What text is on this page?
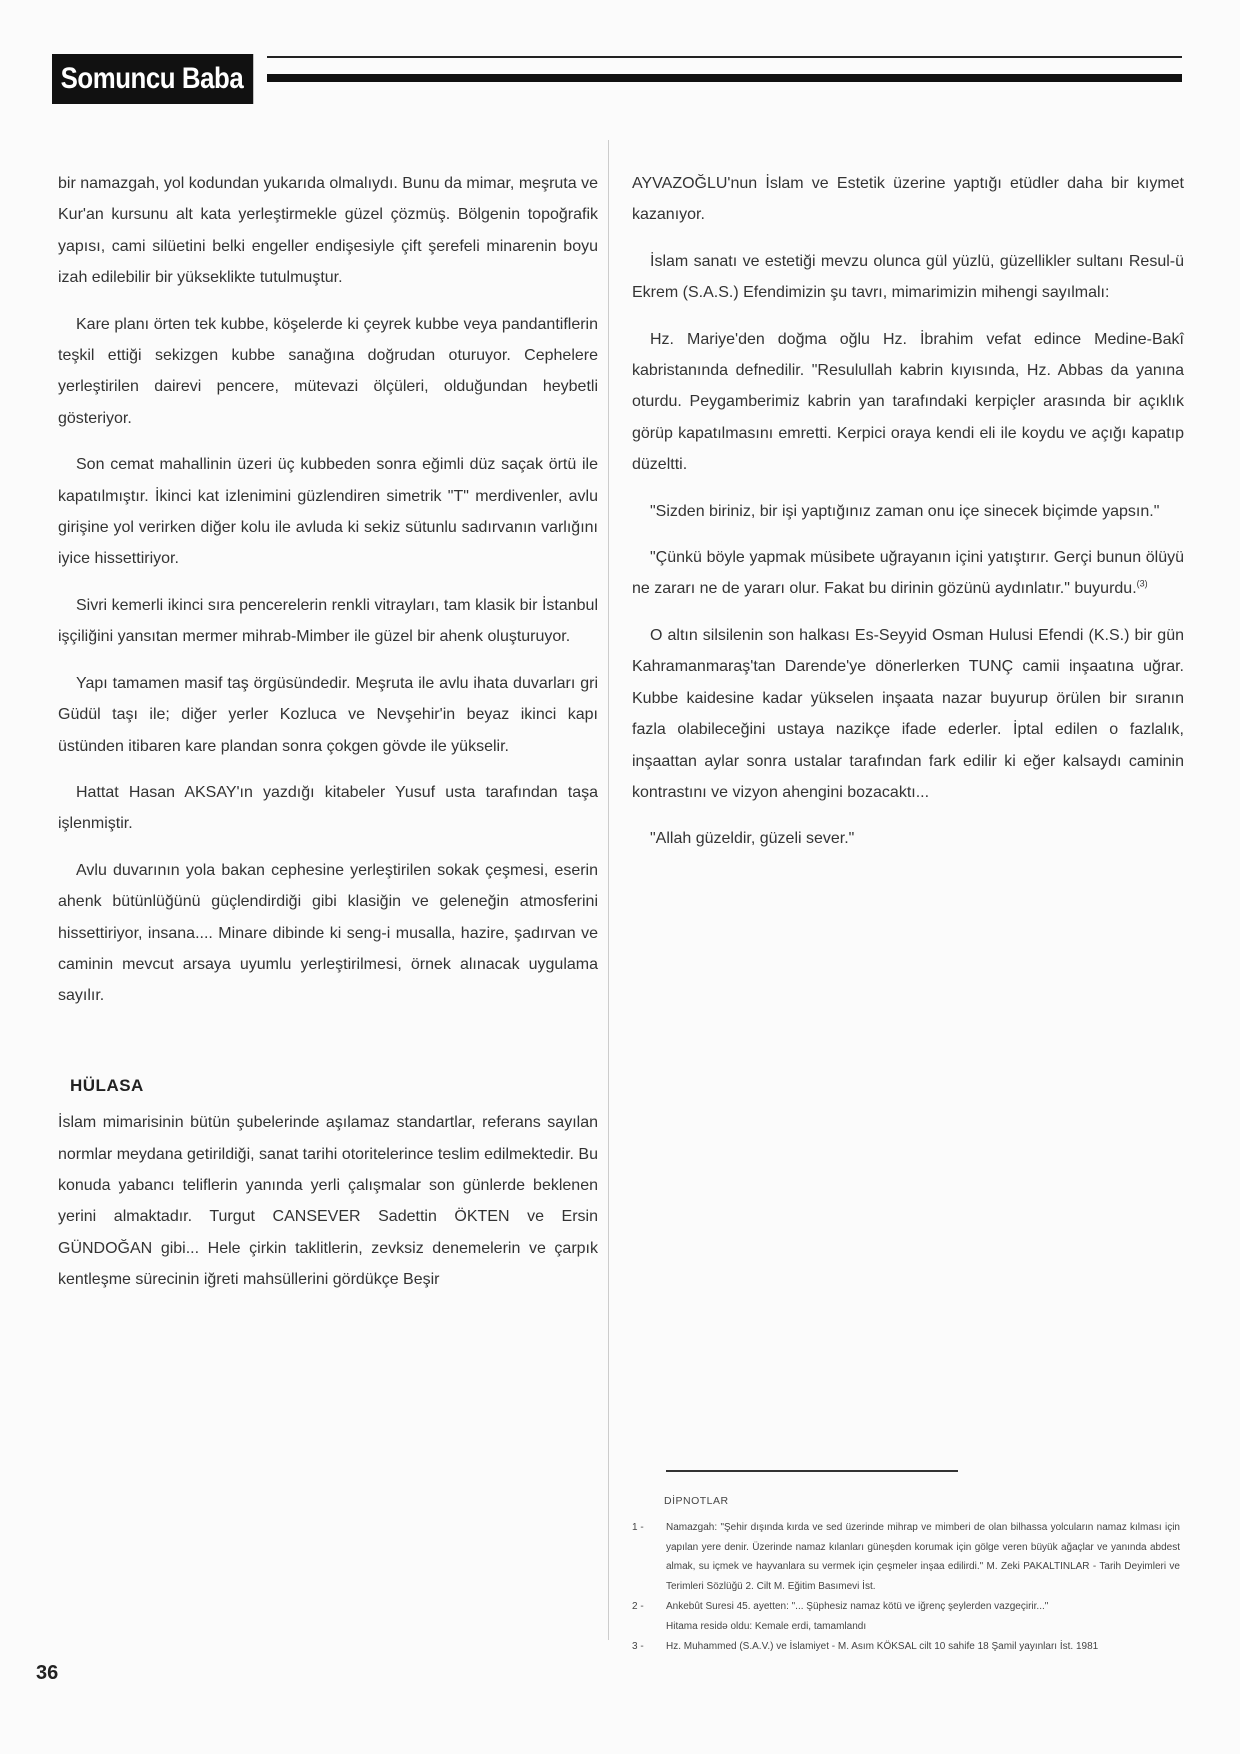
Somuncu Baba

bir namazgah, yol kodundan yukarıda olmalıydı. Bunu da mimar, meşruta ve Kur'an kursunu alt kata yerleştirmekle güzel çözmüş. Bölgenin topoğrafik yapısı, cami silüetini belki engeller endişesiyle çift şerefeli minarenin boyu izah edilebilir bir yükseklikte tutulmuştur.

Kare planı örten tek kubbe, köşelerde ki çeyrek kubbe veya pandantiflerin teşkil ettiği sekizgen kubbe sanağına doğrudan oturuyor. Cephelere yerleştirilen dairevi pencere, mütevazi ölçüleri, olduğundan heybetli gösteriyor.

Son cemat mahallinin üzeri üç kubbeden sonra eğimli düz saçak örtü ile kapatılmıştır. İkinci kat izlenimini güzlendiren simetrik "T" merdivenler, avlu girişine yol verirken diğer kolu ile avluda ki sekiz sütunlu sadırvanın varlığını iyice hissettiriyor.

Sivri kemerli ikinci sıra pencerelerin renkli vitrayları, tam klasik bir İstanbul işçiliğini yansıtan mermer mihrab-Mimber ile güzel bir ahenk oluşturuyor.

Yapı tamamen masif taş örgüsündedir. Meşruta ile avlu ihata duvarları gri Güdül taşı ile; diğer yerler Kozluca ve Nevşehir'in beyaz ikinci kapı üstünden itibaren kare plandan sonra çokgen gövde ile yükselir.

Hattat Hasan AKSAY'ın yazdığı kitabeler Yusuf usta tarafından taşa işlenmiştir.

Avlu duvarının yola bakan cephesine yerleştirilen sokak çeşmesi, eserin ahenk bütünlüğünü güçlendirdiği gibi klasiğin ve geleneğin atmosferini hissettiriyor, insana.... Minare dibinde ki seng-i musalla, hazire, şadırvan ve caminin mevcut arsaya uyumlu yerleştirilmesi, örnek alınacak uygulama sayılır.

HÜLASA

İslam mimarisinin bütün şubelerinde aşılamaz standartlar, referans sayılan normlar meydana getirildiği, sanat tarihi otoritelerince teslim edilmektedir. Bu konuda yabancı teliflerin yanında yerli çalışmalar son günlerde beklenen yerini almaktadır. Turgut CANSEVER Sadettin ÖKTEN ve Ersin GÜNDOĞAN gibi... Hele çirkin taklitlerin, zevksiz denemelerin ve çarpık kentleşme sürecinin iğreti mahsüllerini gördükçe Beşir

AYVAZOĞLU'nun İslam ve Estetik üzerine yaptığı etüdler daha bir kıymet kazanıyor.

İslam sanatı ve estetiği mevzu olunca gül yüzlü, güzellikler sultanı Resul-ü Ekrem (S.A.S.) Efendimizin şu tavrı, mimarimizin mihengi sayılmalı:

Hz. Mariye'den doğma oğlu Hz. İbrahim vefat edince Medine-Bakî kabristanında defnedilir. "Resulullah kabrin kıyısında, Hz. Abbas da yanına oturdu. Peygamberimiz kabrin yan tarafındaki kerpiçler arasında bir açıklık görüp kapatılmasını emretti. Kerpici oraya kendi eli ile koydu ve açığı kapatıp düzeltti.

"Sizden biriniz, bir işi yaptığınız zaman onu içe sinecek biçimde yapsın."

"Çünkü böyle yapmak müsibete uğrayanın içini yatıştırır. Gerçi bunun ölüyü ne zararı ne de yararı olur. Fakat bu dirinin gözünü aydınlatır." buyurdu.$^{(3)}$

O altın silsilenin son halkası Es-Seyyid Osman Hulusi Efendi (K.S.) bir gün Kahramanmaraş'tan Darende'ye dönerlerken TUNÇ camii inşaatına uğrar. Kubbe kaidesine kadar yükselen inşaata nazar buyurup örülen bir sıranın fazla olabileceğini ustaya nazikçe ifade ederler. İptal edilen o fazlalık, inşaattan aylar sonra ustalar tarafından fark edilir ki eğer kalsaydı caminin kontrastını ve vizyon ahengini bozacaktı...

"Allah güzeldir, güzeli sever."

DİPNOTLAR
1 -	Namazgah: "Şehir dışında kırda ve sed üzerinde mihrap ve mimberi de olan bilhassa yolcuların namaz kılması için yapılan yere denir. Üzerinde namaz kılanları güneşden korumak için gölge veren büyük ağaçlar ve yanında abdest almak, su içmek ve hayvanlara su vermek için çeşmeler inşaa edilirdi." M. Zeki PAKALTINLAR - Tarih Deyimleri ve Terimleri Sözlüğü 2. Cilt M. Eğitim Basımevi İst.
2 -	Ankebût Suresi 45. ayetten: "... Şüphesiz namaz kötü ve iğrenç şeylerden vazgeçirir..."
Hitama residə oldu: Kemale erdi, tamamlandı
3 -	Hz. Muhammed (S.A.V.) ve İslamiyet - M. Asım KÖKSAL cilt 10 sahife 18 Şamil yayınları İst. 1981
36
